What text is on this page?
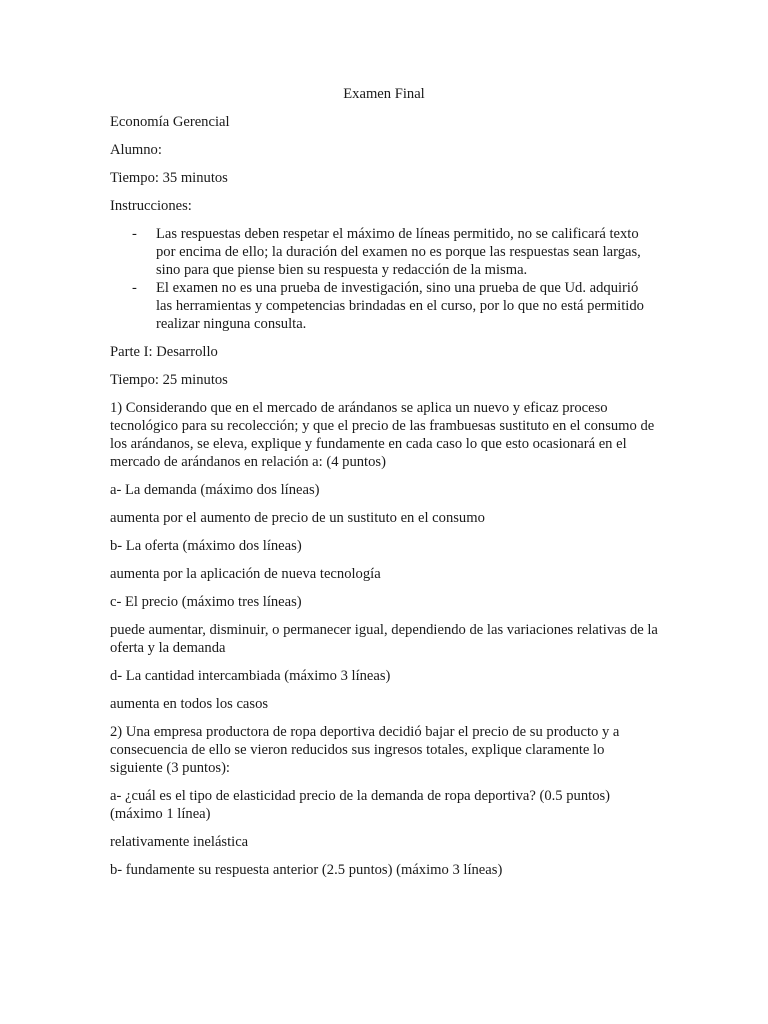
Examen Final

Economía Gerencial

Alumno:

Tiempo: 35 minutos

Instrucciones:

- Las respuestas deben respetar el máximo de líneas permitido, no se calificará texto por encima de ello; la duración del examen no es porque las respuestas sean largas, sino para que piense bien su respuesta y redacción de la misma.
- El examen no es una prueba de investigación, sino una prueba de que Ud. adquirió las herramientas y competencias brindadas en el curso, por lo que no está permitido realizar ninguna consulta.

Parte I: Desarrollo

Tiempo: 25 minutos

1) Considerando que en el mercado de arándanos se aplica un nuevo y eficaz proceso tecnológico para su recolección; y que el precio de las frambuesas sustituto en el consumo de los arándanos, se eleva, explique y fundamente en cada caso lo que esto ocasionará en el mercado de arándanos en relación a: (4 puntos)

a- La demanda (máximo dos líneas)

aumenta por el aumento de precio de un sustituto en el consumo

b- La oferta (máximo dos líneas)

aumenta por la aplicación de nueva tecnología

c- El precio (máximo tres líneas)

puede aumentar, disminuir, o permanecer igual, dependiendo de las variaciones relativas de la oferta y la demanda

d- La cantidad intercambiada (máximo 3 líneas)

aumenta en todos los casos

2) Una empresa productora de ropa deportiva decidió bajar el precio de su producto y a consecuencia de ello se vieron reducidos sus ingresos totales, explique claramente lo siguiente (3 puntos):

a- ¿cuál es el tipo de elasticidad precio de la demanda de ropa deportiva? (0.5 puntos) (máximo 1 línea)

relativamente inelástica

b- fundamente su respuesta anterior (2.5 puntos) (máximo 3 líneas)
